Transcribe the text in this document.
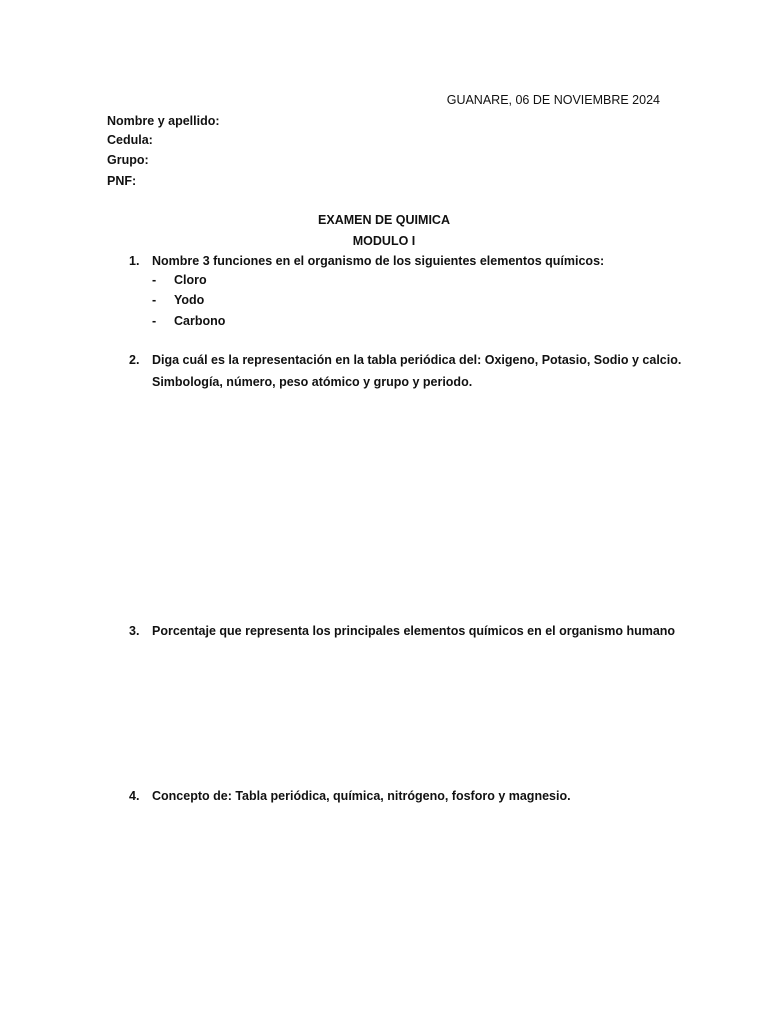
GUANARE, 06 DE NOVIEMBRE 2024
Nombre y apellido:
Cedula:
Grupo:
PNF:
EXAMEN DE QUIMICA
MODULO I
1. Nombre 3 funciones en el organismo de los siguientes elementos químicos:
- Cloro
- Yodo
- Carbono
2. Diga cuál es la representación en la tabla periódica del: Oxigeno, Potasio, Sodio y calcio.
Simbología, número, peso atómico y grupo y periodo.
3. Porcentaje que representa los principales elementos químicos en el organismo humano
4. Concepto de: Tabla periódica, química, nitrógeno, fosforo y magnesio.
